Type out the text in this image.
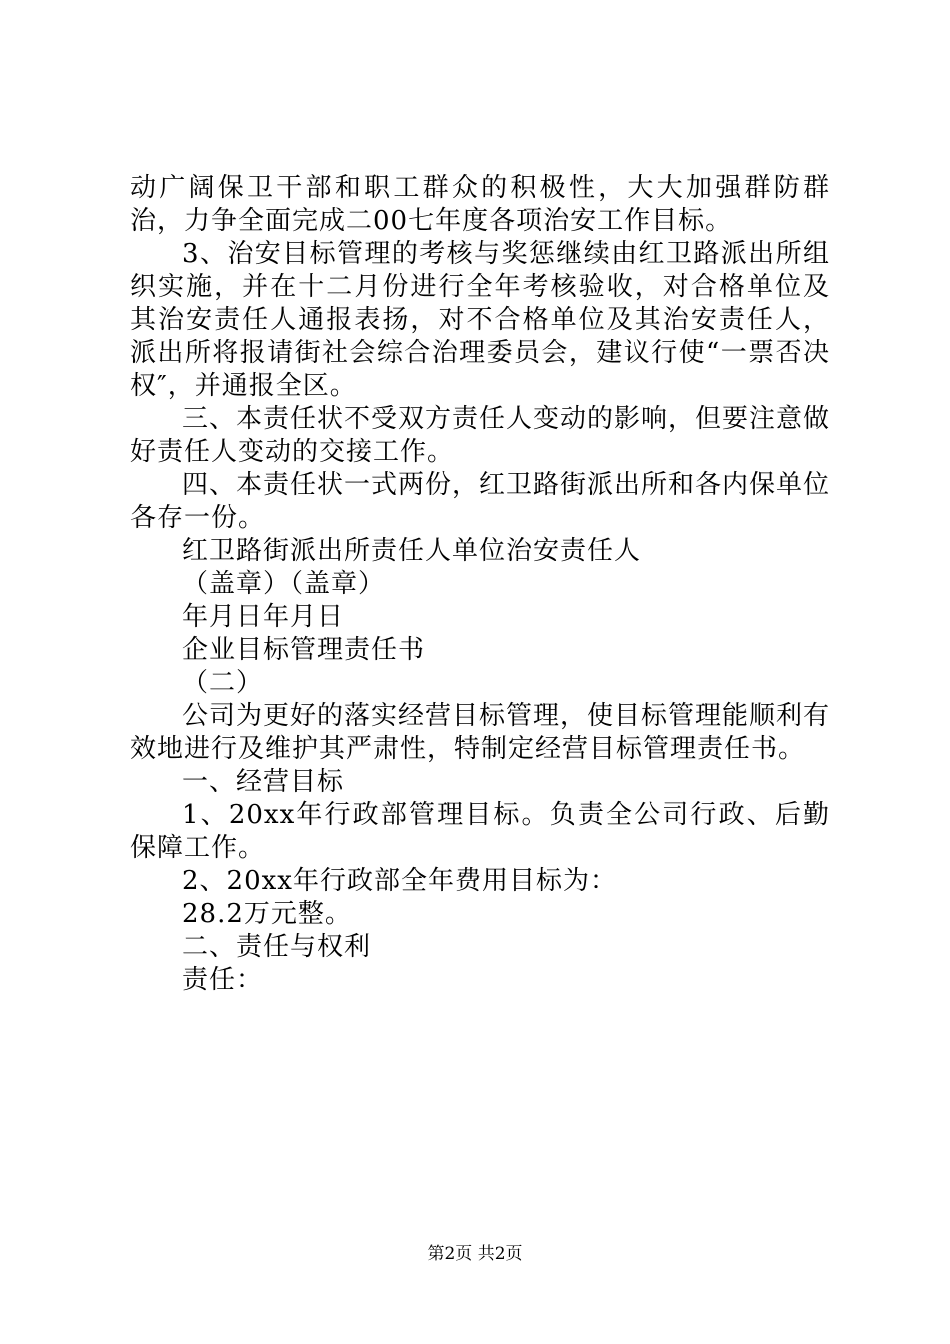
动广阔保卫干部和职工群众的积极性，大大加强群防群治，力争全面完成二00七年度各项治安工作目标。

3、治安目标管理的考核与奖惩继续由红卫路派出所组织实施，并在十二月份进行全年考核验收，对合格单位及其治安责任人通报表扬，对不合格单位及其治安责任人，派出所将报请街社会综合治理委员会，建议行使“一票否决权″，并通报全区。

三、本责任状不受双方责任人变动的影响，但要注意做好责任人变动的交接工作。

四、本责任状一式两份，红卫路街派出所和各内保单位各存一份。

红卫路街派出所责任人单位治安责任人

（盖章）（盖章）

年月日年月日

企业目标管理责任书

（二）

公司为更好的落实经营目标管理，使目标管理能顺利有效地进行及维护其严肃性，特制定经营目标管理责任书。

一、经营目标

1、20xx年行政部管理目标。负责全公司行政、后勤保障工作。

2、20xx年行政部全年费用目标为：

28.2万元整。

二、责任与权利

责任：

第2页 共2页
